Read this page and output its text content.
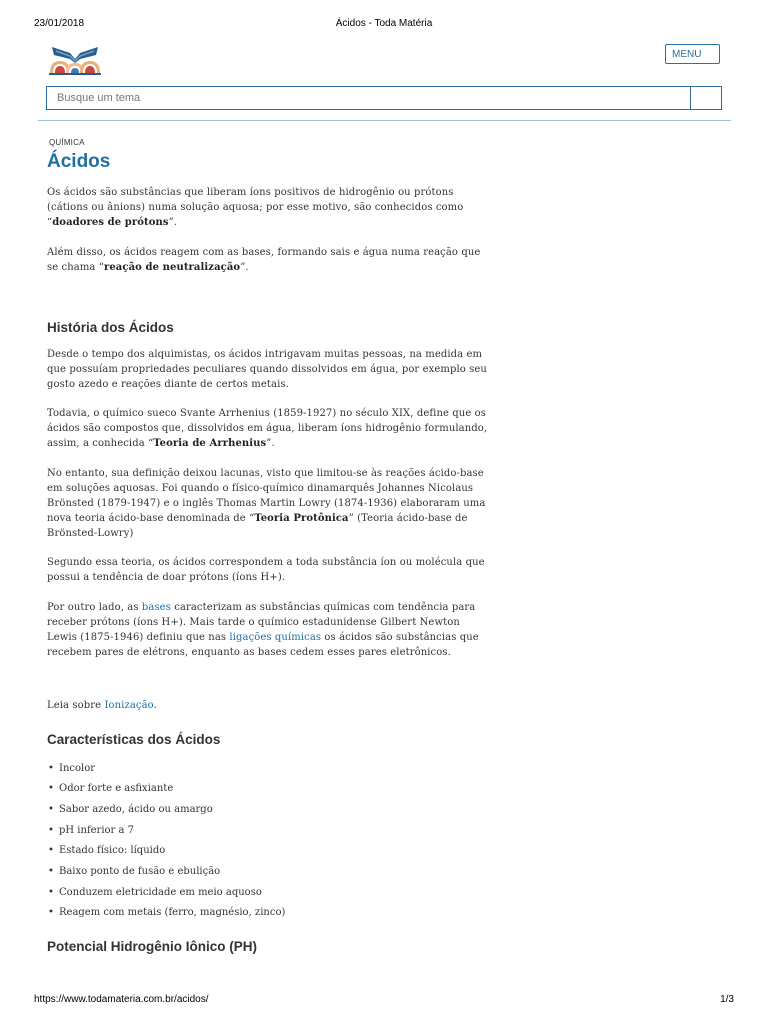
23/01/2018	Ácidos - Toda Matéria
MENU
Busque um tema
QUÍMICA
Ácidos

Os ácidos são substâncias que liberam íons positivos de hidrogênio ou prótons (cátions ou ânions) numa solução aquosa; por esse motivo, são conhecidos como “doadores de prótons”.

Além disso, os ácidos reagem com as bases, formando sais e água numa reação que se chama “reação de neutralização”.

História dos Ácidos

Desde o tempo dos alquimistas, os ácidos intrigavam muitas pessoas, na medida em que possuíam propriedades peculiares quando dissolvidos em água, por exemplo seu gosto azedo e reações diante de certos metais.

Todavia, o químico sueco Svante Arrhenius (1859-1927) no século XIX, define que os ácidos são compostos que, dissolvidos em água, liberam íons hidrogênio formulando, assim, a conhecida “Teoria de Arrhenius”.

No entanto, sua definição deixou lacunas, visto que limitou-se às reações ácido-base em soluções aquosas. Foi quando o físico-químico dinamarquês Johannes Nicolaus Brönsted (1879-1947) e o inglês Thomas Martin Lowry (1874-1936) elaboraram uma nova teoria ácido-base denominada de “Teoria Protônica” (Teoria ácido-base de Brönsted-Lowry)

Segundo essa teoria, os ácidos correspondem a toda substância íon ou molécula que possui a tendência de doar prótons (íons H+).

Por outro lado, as bases caracterizam as substâncias químicas com tendência para receber prótons (íons H+). Mais tarde o químico estadunidense Gilbert Newton Lewis (1875-1946) definiu que nas ligações químicas os ácidos são substâncias que recebem pares de elétrons, enquanto as bases cedem esses pares eletrônicos.

Leia sobre Ionização.

Características dos Ácidos
• Incolor
• Odor forte e asfixiante
• Sabor azedo, ácido ou amargo
• pH inferior a 7
• Estado físico: líquido
• Baixo ponto de fusão e ebulição
• Conduzem eletricidade em meio aquoso
• Reagem com metais (ferro, magnésio, zinco)
Potencial Hidrogênio Iônico (PH)
https://www.todamateria.com.br/acidos/	1/3
